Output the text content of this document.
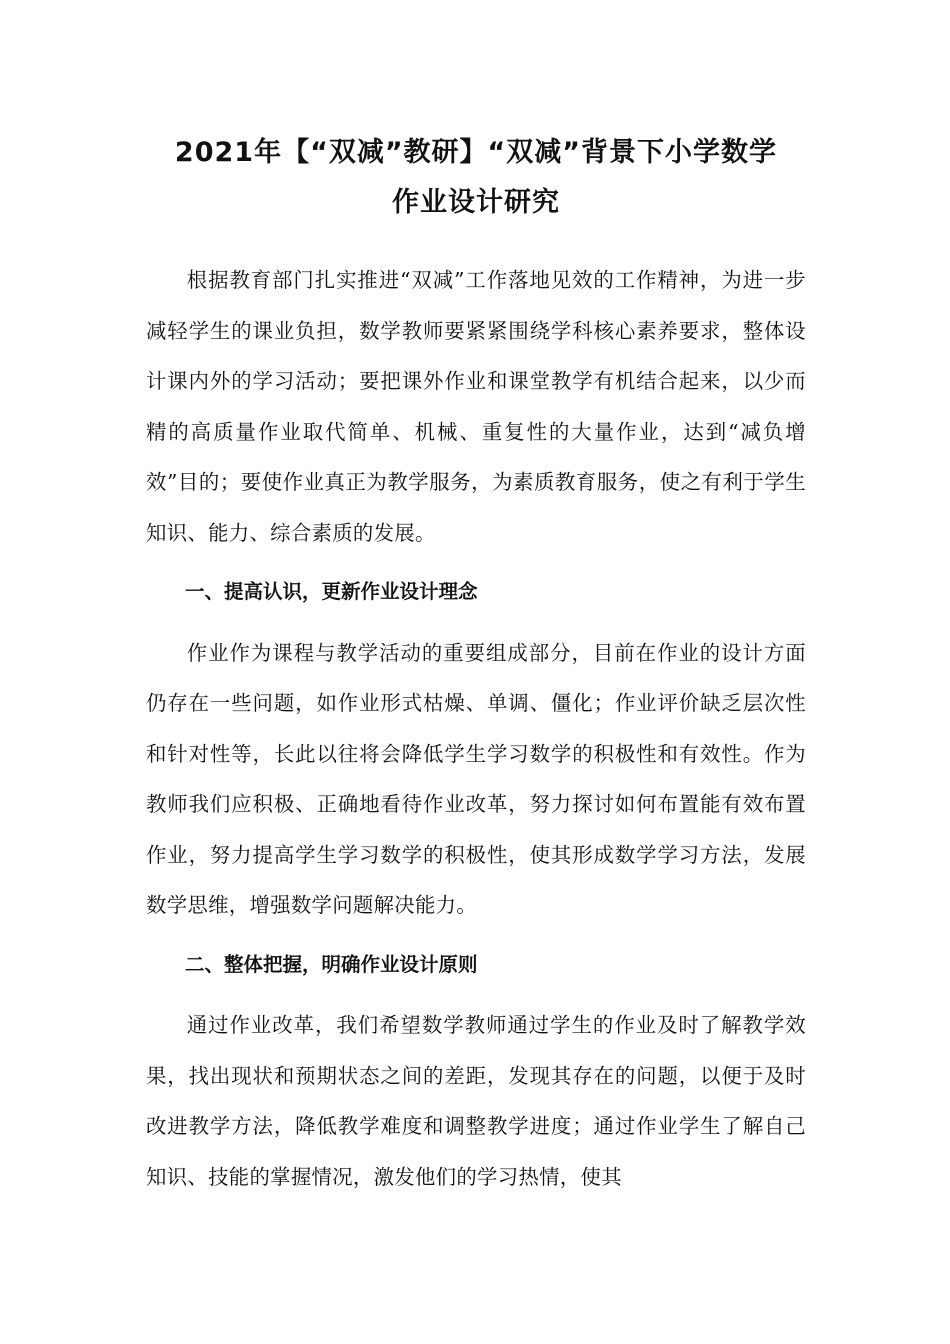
2021年【“双减”教研】“双减”背景下小学数学
作业设计研究

根据教育部门扎实推进“双减”工作落地见效的工作精神，为进一步减轻学生的课业负担，数学教师要紧紧围绕学科核心素养要求，整体设计课内外的学习活动；要把课外作业和课堂教学有机结合起来，以少而精的高质量作业取代简单、机械、重复性的大量作业，达到“减负增效”目的；要使作业真正为教学服务，为素质教育服务，使之有利于学生知识、能力、综合素质的发展。

一、提高认识，更新作业设计理念

作业作为课程与教学活动的重要组成部分，目前在作业的设计方面仍存在一些问题，如作业形式枯燥、单调、僵化；作业评价缺乏层次性和针对性等，长此以往将会降低学生学习数学的积极性和有效性。作为教师我们应积极、正确地看待作业改革，努力探讨如何布置能有效布置作业，努力提高学生学习数学的积极性，使其形成数学学习方法，发展数学思维，增强数学问题解决能力。

二、整体把握，明确作业设计原则

通过作业改革，我们希望数学教师通过学生的作业及时了解教学效果，找出现状和预期状态之间的差距，发现其存在的问题，以便于及时改进教学方法，降低教学难度和调整教学进度；通过作业学生了解自己知识、技能的掌握情况，激发他们的学习热情，使其
